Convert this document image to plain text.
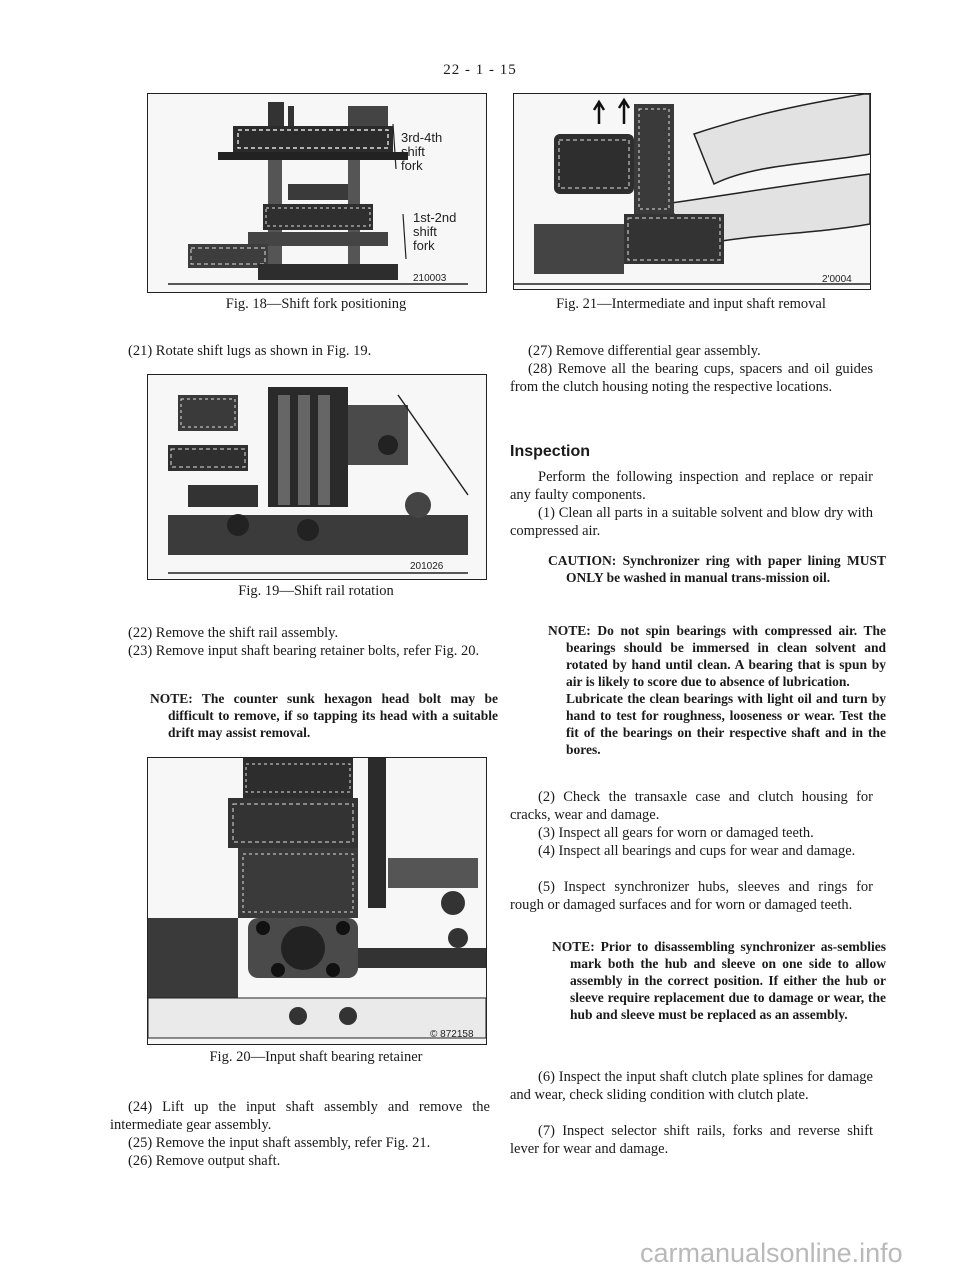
22 - 1 - 15
3rd-4th
shift
fork
1st-2nd
shift
fork
210003
Fig. 18—Shift fork positioning
(21) Rotate shift lugs as shown in Fig. 19.
201026
Fig. 19—Shift rail rotation
(22) Remove the shift rail assembly.
(23) Remove input shaft bearing retainer bolts, refer Fig. 20.
NOTE: The counter sunk hexagon head bolt may be difficult to remove, if so tapping its head with a suitable drift may assist removal.
© 872158
Fig. 20—Input shaft bearing retainer
(24) Lift up the input shaft assembly and remove the intermediate gear assembly.
(25) Remove the input shaft assembly, refer Fig. 21.
(26) Remove output shaft.
2'0004
Fig. 21—Intermediate and input shaft removal
(27) Remove differential gear assembly.
(28) Remove all the bearing cups, spacers and oil guides from the clutch housing noting the respective locations.
Inspection
Perform the following inspection and replace or repair any faulty components.
(1) Clean all parts in a suitable solvent and blow dry with compressed air.
CAUTION: Synchronizer ring with paper lining MUST ONLY be washed in manual trans-mission oil.

NOTE: Do not spin bearings with compressed air. The bearings should be immersed in clean solvent and rotated by hand until clean. A bearing that is spun by air is likely to score due to absence of lubrication.

Lubricate the clean bearings with light oil and turn by hand to test for roughness, looseness or wear. Test the fit of the bearings on their respective shaft and in the bores.

(2) Check the transaxle case and clutch housing for cracks, wear and damage.
(3) Inspect all gears for worn or damaged teeth.
(4) Inspect all bearings and cups for wear and damage.
(5) Inspect synchronizer hubs, sleeves and rings for rough or damaged surfaces and for worn or damaged teeth.
NOTE: Prior to disassembling synchronizer as-semblies mark both the hub and sleeve on one side to allow assembly in the correct position. If either the hub or sleeve require replacement due to damage or wear, the hub and sleeve must be replaced as an assembly.
(6) Inspect the input shaft clutch plate splines for damage and wear, check sliding condition with clutch plate.
(7) Inspect selector shift rails, forks and reverse shift lever for wear and damage.
carmanualsonline.info
